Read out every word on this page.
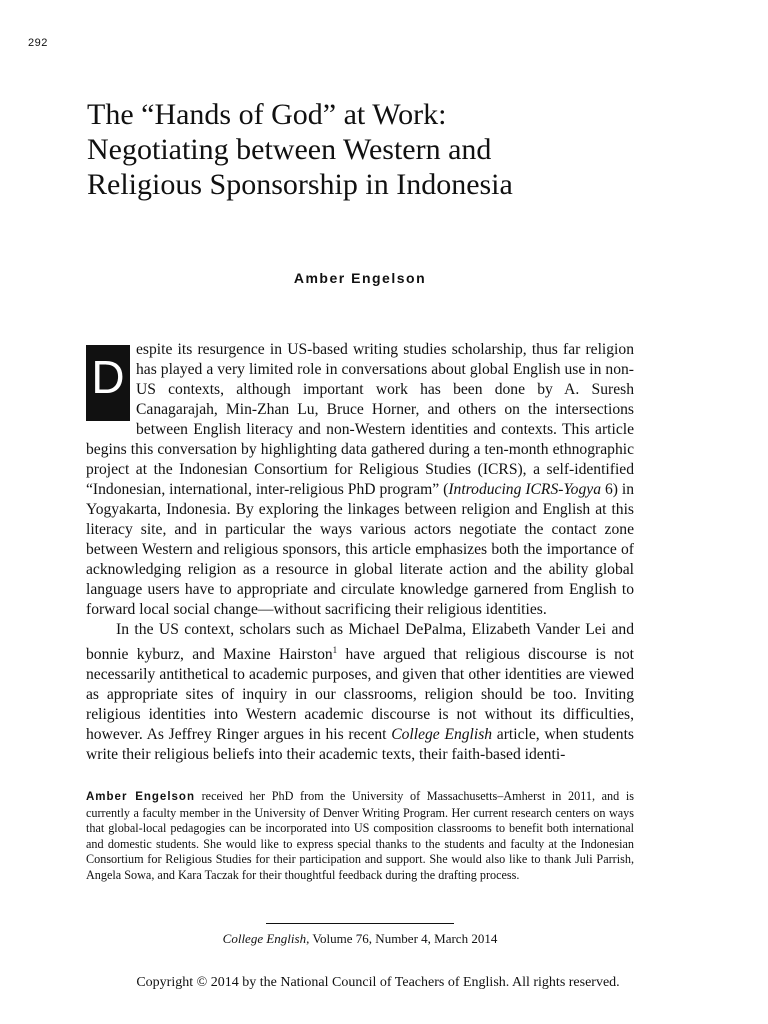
292
The “Hands of God” at Work:
Negotiating between Western and
Religious Sponsorship in Indonesia
Amber Engelson

D
espite its resurgence in US-based writing studies scholarship, thus far religion has played a very limited role in conversations about global English use in non-US contexts, although important work has been done by A. Suresh Canagarajah, Min-Zhan Lu, Bruce Horner, and others on the intersections between English literacy and non-Western identities and contexts. This article begins this conversation by highlighting data gathered during a ten-month ethnographic project at the Indonesian Consortium for Religious Studies (ICRS), a self-identified “Indonesian, international, inter-religious PhD program” (Introducing ICRS-Yogya 6) in Yogyakarta, Indonesia. By exploring the linkages between religion and English at this literacy site, and in particular the ways various actors negotiate the contact zone between Western and religious sponsors, this article emphasizes both the importance of acknowledging religion as a resource in global literate action and the ability global language users have to appropriate and circulate knowledge garnered from English to forward local social change—without sacrificing their religious identities.

In the US context, scholars such as Michael DePalma, Elizabeth Vander Lei and bonnie kyburz, and Maxine Hairston$^1$ have argued that religious discourse is not necessarily antithetical to academic purposes, and given that other identities are viewed as appropriate sites of inquiry in our classrooms, religion should be too. Inviting religious identities into Western academic discourse is not without its difficulties, however. As Jeffrey Ringer argues in his recent College English article, when students write their religious beliefs into their academic texts, their faith-based identi-

Amber Engelson received her PhD from the University of Massachusetts–Amherst in 2011, and is currently a faculty member in the University of Denver Writing Program. Her current research centers on ways that global-local pedagogies can be incorporated into US composition classrooms to benefit both international and domestic students. She would like to express special thanks to the students and faculty at the Indonesian Consortium for Religious Studies for their participation and support. She would also like to thank Juli Parrish, Angela Sowa, and Kara Taczak for their thoughtful feedback during the drafting process.
College English, Volume 76, Number 4, March 2014
Copyright © 2014 by the National Council of Teachers of English. All rights reserved.
